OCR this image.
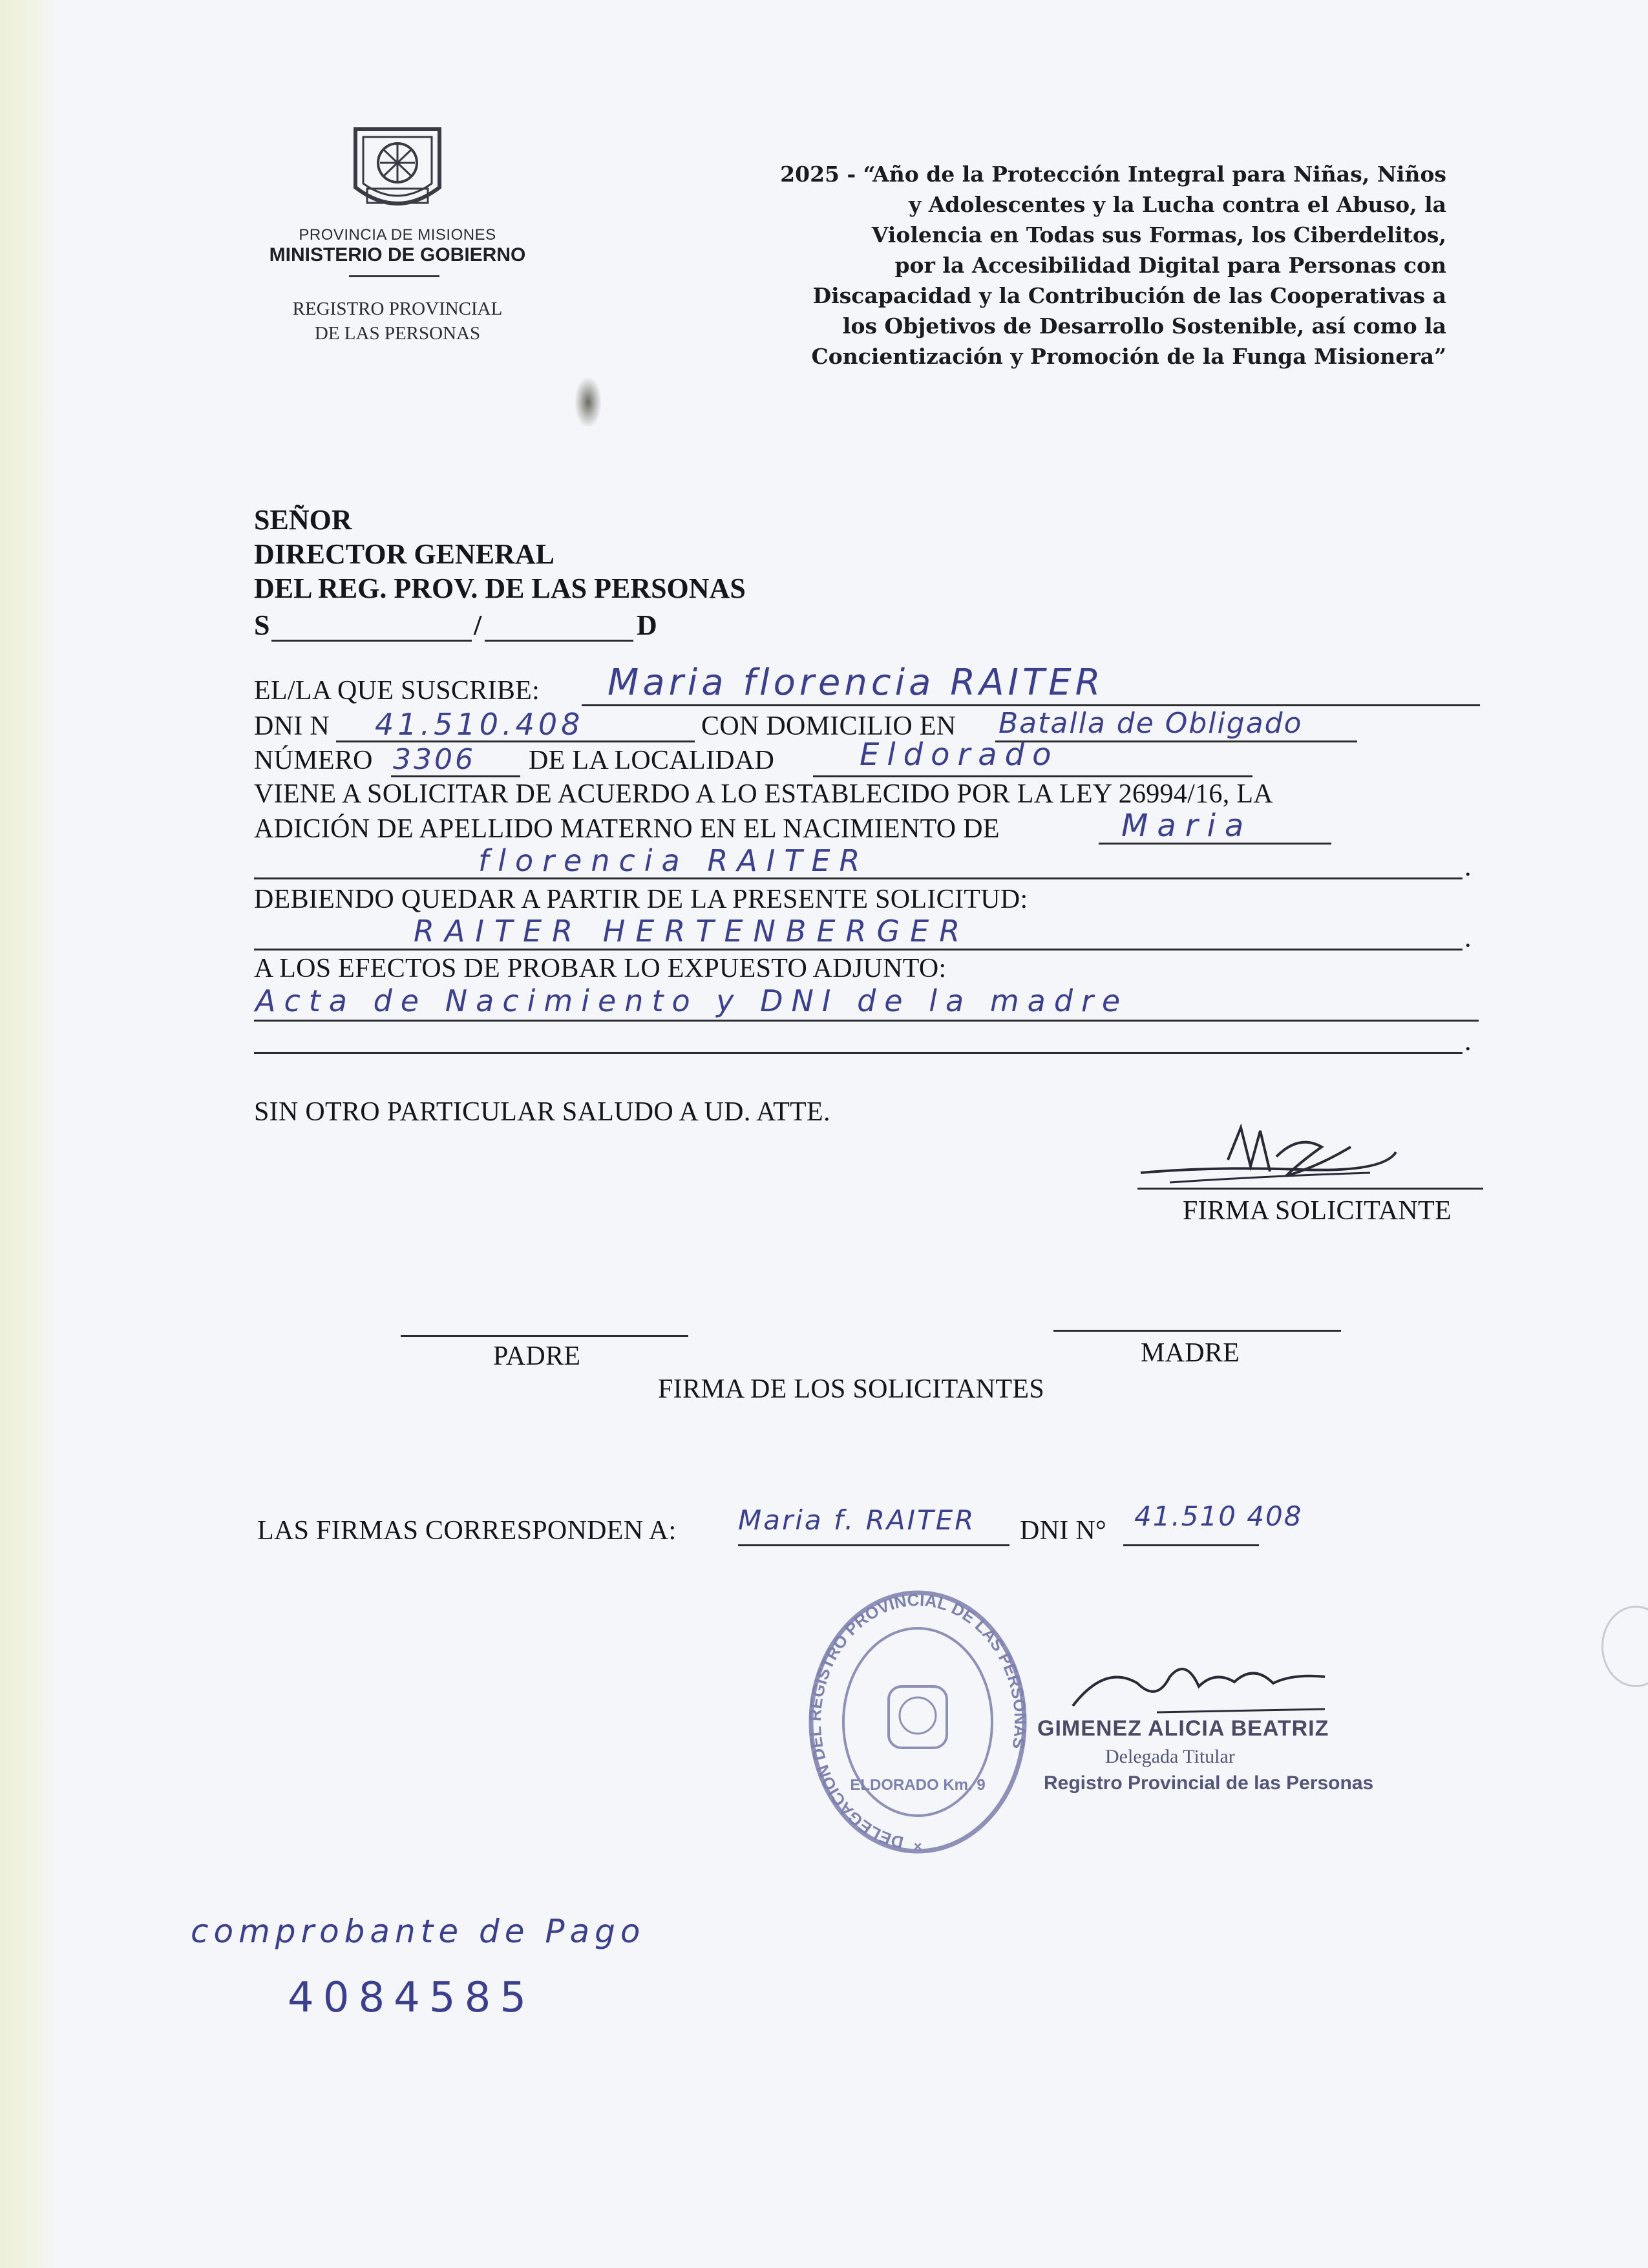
PROVINCIA DE MISIONES
MINISTERIO DE GOBIERNO
REGISTRO PROVINCIAL
DE LAS PERSONAS
2025 - “Año de la Protección Integral para Niñas, Niños
y Adolescentes y la Lucha contra el Abuso, la
Violencia en Todas sus Formas, los Ciberdelitos,
por la Accesibilidad Digital para Personas con
Discapacidad y la Contribución de las Cooperativas a
los Objetivos de Desarrollo Sostenible, así como la
Concientización y Promoción de la Funga Misionera”
SEÑOR
DIRECTOR GENERAL
DEL REG. PROV. DE LAS PERSONAS
S	/	D
EL/LA QUE SUSCRIBE: Maria florencia RAITER
DNI N 41.510.408	CON DOMICILIO EN Batalla de Obligado
NÚMERO 3306 DE LA LOCALIDAD	Eldorado
VIENE A SOLICITAR DE ACUERDO A LO ESTABLECIDO POR LA LEY 26994/16, LA
ADICIÓN DE APELLIDO MATERNO EN EL NACIMIENTO DE	Maria
florencia RAITER	.
DEBIENDO QUEDAR A PARTIR DE LA PRESENTE SOLICITUD:
RAITER HERTENBERGER	.
A LOS EFECTOS DE PROBAR LO EXPUESTO ADJUNTO:
Acta de Nacimiento y DNI de la madre
.
SIN OTRO PARTICULAR SALUDO A UD. ATTE.
FIRMA SOLICITANTE
PADRE	MADRE
FIRMA DE LOS SOLICITANTES
LAS FIRMAS CORRESPONDEN A: Maria f. RAITER DNI N° 41.510 408
DELEGACION DEL REGISTRO PROVINCIAL DE LAS PERSONAS
ELDORADO Km. 9
×
GIMENEZ ALICIA BEATRIZ
Delegada Titular
Registro Provincial de las Personas
comprobante de Pago
4084585
